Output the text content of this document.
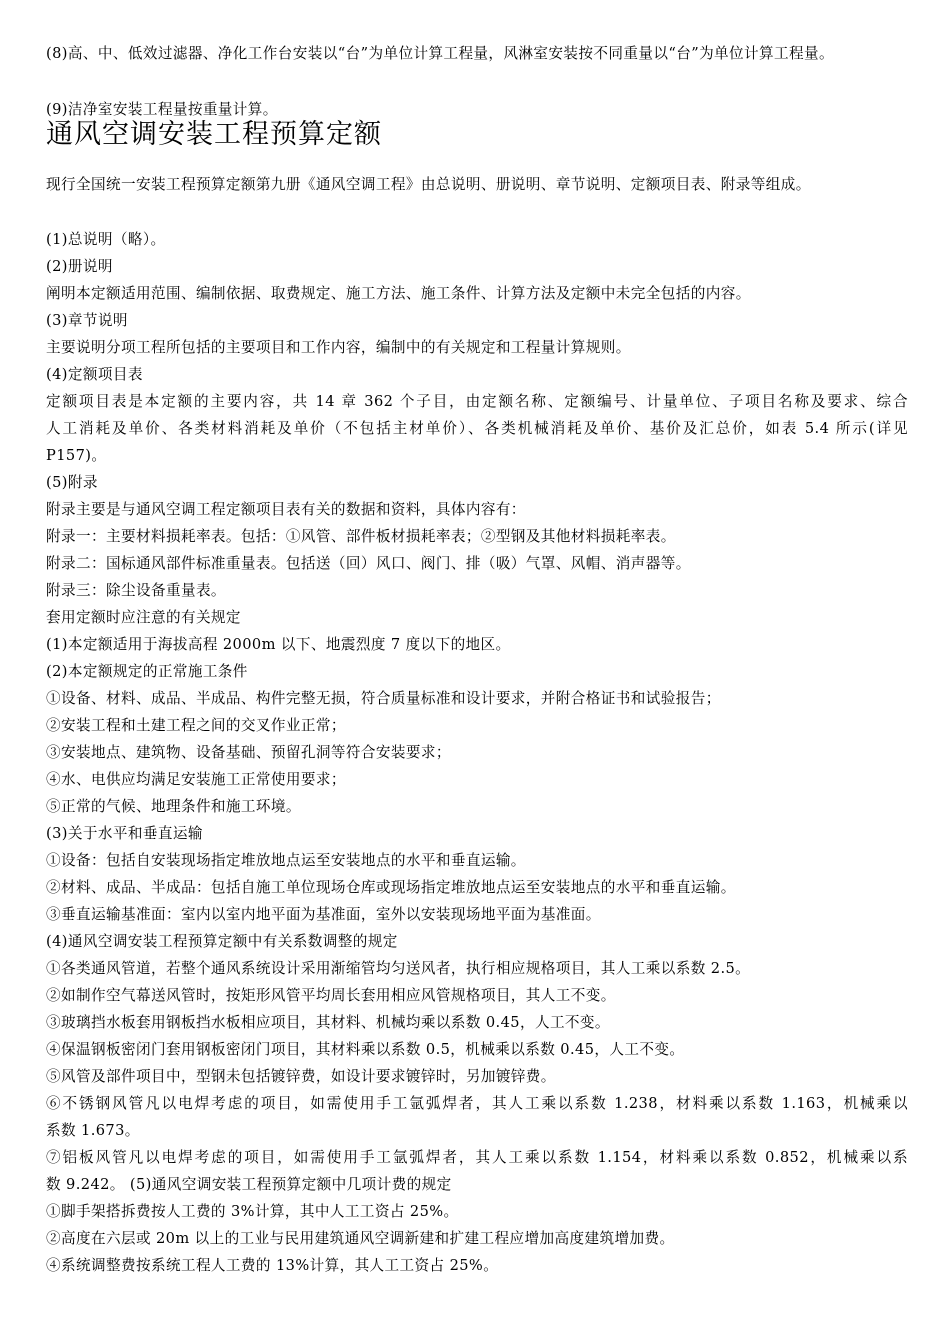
(8)高、中、低效过滤器、净化工作台安装以“台”为单位计算工程量，风淋室安装按不同重量以“台”为单位计算工程量。
(9)洁净室安装工程量按重量计算。
通风空调安装工程预算定额
现行全国统一安装工程预算定额第九册《通风空调工程》由总说明、册说明、章节说明、定额项目表、附录等组成。
(1)总说明（略）。
(2)册说明
阐明本定额适用范围、编制依据、取费规定、施工方法、施工条件、计算方法及定额中未完全包括的内容。
(3)章节说明
主要说明分项工程所包括的主要项目和工作内容，编制中的有关规定和工程量计算规则。
(4)定额项目表
定额项目表是本定额的主要内容，共 14 章 362 个子目，由定额名称、定额编号、计量单位、子项目名称及要求、综合
人工消耗及单价、各类材料消耗及单价（不包括主材单价）、各类机械消耗及单价、基价及汇总价，如表 5.4 所示(详见
P157)。
(5)附录
附录主要是与通风空调工程定额项目表有关的数据和资料，具体内容有：
附录一：主要材料损耗率表。包括：①风管、部件板材损耗率表；②型钢及其他材料损耗率表。
附录二：国标通风部件标准重量表。包括送（回）风口、阀门、排（吸）气罩、风帽、消声器等。
附录三：除尘设备重量表。
套用定额时应注意的有关规定
(1)本定额适用于海拔高程 2000m 以下、地震烈度 7 度以下的地区。
(2)本定额规定的正常施工条件
①设备、材料、成品、半成品、构件完整无损，符合质量标准和设计要求，并附合格证书和试验报告；
②安装工程和土建工程之间的交叉作业正常；
③安装地点、建筑物、设备基础、预留孔洞等符合安装要求；
④水、电供应均满足安装施工正常使用要求；
⑤正常的气候、地理条件和施工环境。
(3)关于水平和垂直运输
①设备：包括自安装现场指定堆放地点运至安装地点的水平和垂直运输。
②材料、成品、半成品：包括自施工单位现场仓库或现场指定堆放地点运至安装地点的水平和垂直运输。
③垂直运输基准面：室内以室内地平面为基准面，室外以安装现场地平面为基准面。
(4)通风空调安装工程预算定额中有关系数调整的规定
①各类通风管道，若整个通风系统设计采用渐缩管均匀送风者，执行相应规格项目，其人工乘以系数 2.5。
②如制作空气幕送风管时，按矩形风管平均周长套用相应风管规格项目，其人工不变。
③玻璃挡水板套用钢板挡水板相应项目，其材料、机械均乘以系数 0.45，人工不变。
④保温钢板密闭门套用钢板密闭门项目，其材料乘以系数 0.5，机械乘以系数 0.45，人工不变。
⑤风管及部件项目中，型钢未包括镀锌费，如设计要求镀锌时，另加镀锌费。
⑥不锈钢风管凡以电焊考虑的项目，如需使用手工氩弧焊者，其人工乘以系数 1.238，材料乘以系数 1.163，机械乘以
系数 1.673。
⑦铝板风管凡以电焊考虑的项目，如需使用手工氩弧焊者，其人工乘以系数 1.154，材料乘以系数 0.852，机械乘以系
数 9.242。 (5)通风空调安装工程预算定额中几项计费的规定
①脚手架搭拆费按人工费的 3%计算，其中人工工资占 25%。
②高度在六层或 20m 以上的工业与民用建筑通风空调新建和扩建工程应增加高度建筑增加费。
④系统调整费按系统工程人工费的 13%计算，其人工工资占 25%。
